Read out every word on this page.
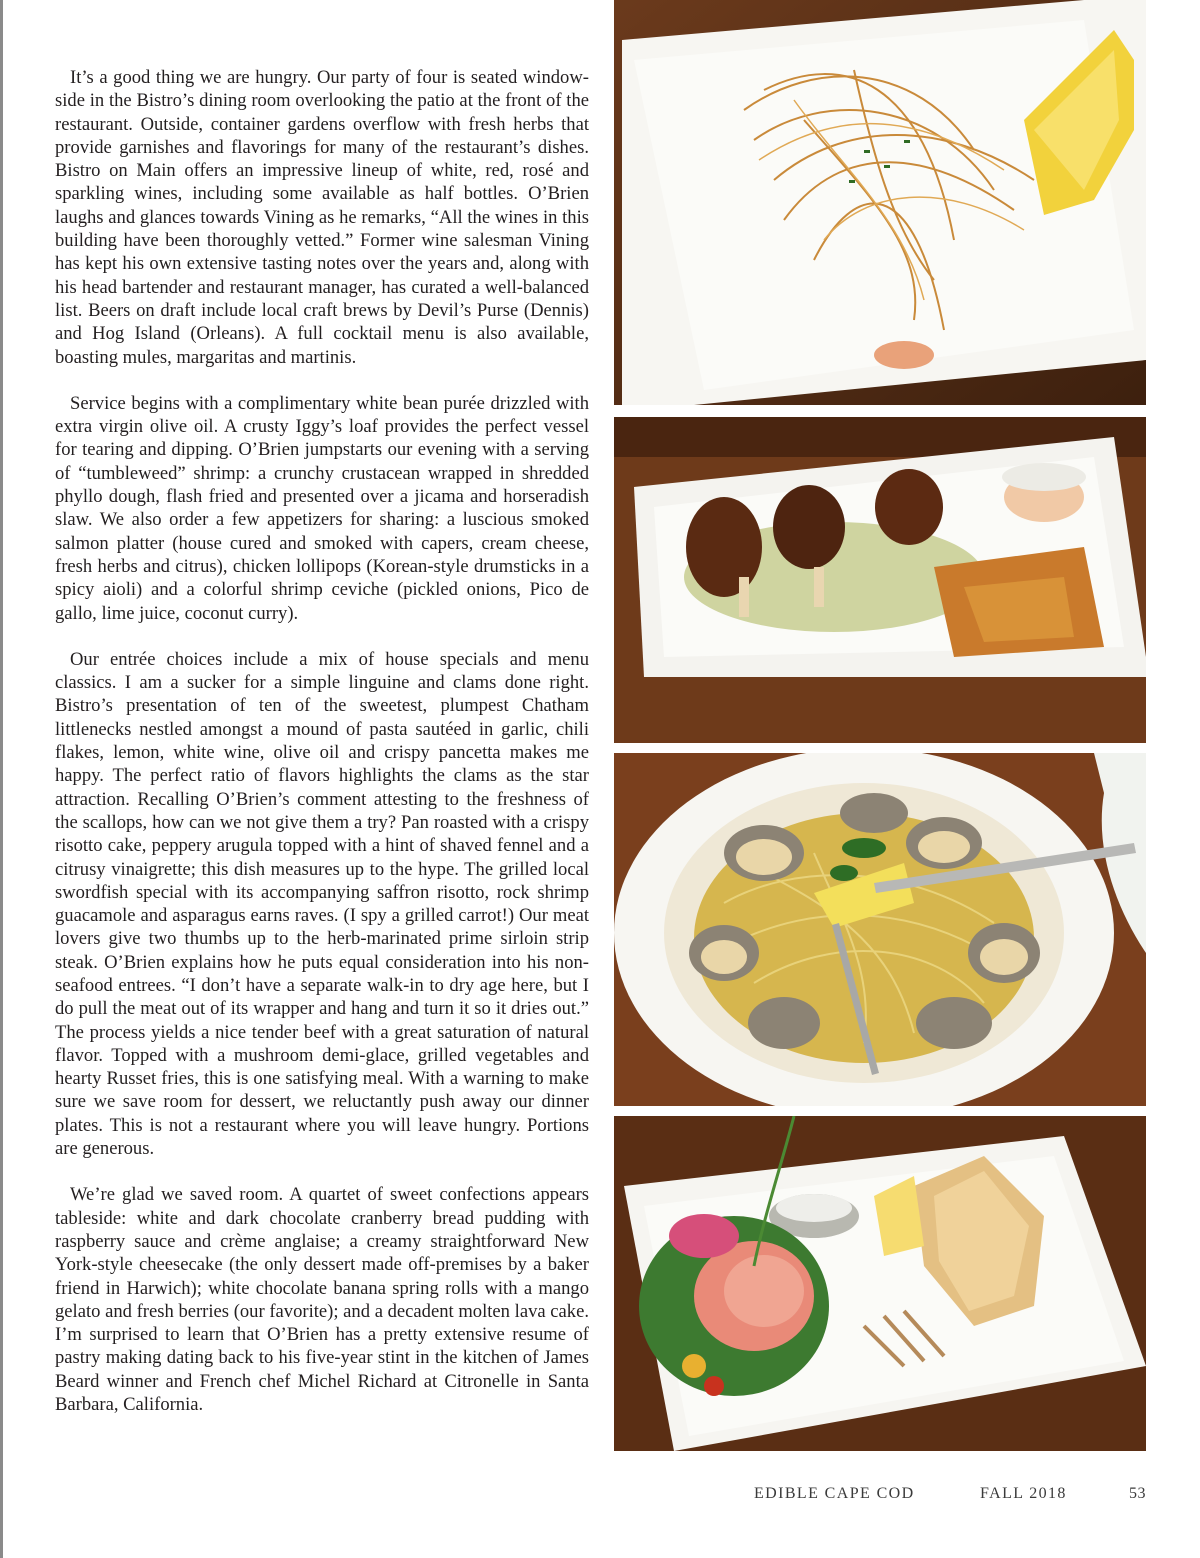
It’s a good thing we are hungry. Our party of four is seated windowside in the Bistro’s dining room overlooking the patio at the front of the restaurant. Outside, container gardens overflow with fresh herbs that provide garnishes and flavorings for many of the restaurant’s dishes. Bistro on Main offers an impressive lineup of white, red, rosé and sparkling wines, including some available as half bottles. O’Brien laughs and glances towards Vining as he remarks, “All the wines in this building have been thoroughly vetted.” Former wine salesman Vining has kept his own extensive tasting notes over the years and, along with his head bartender and restaurant manager, has curated a well-balanced list. Beers on draft include local craft brews by Devil’s Purse (Dennis) and Hog Island (Orleans). A full cocktail menu is also available, boasting mules, margaritas and martinis.

Service begins with a complimentary white bean purée drizzled with extra virgin olive oil. A crusty Iggy’s loaf provides the perfect vessel for tearing and dipping. O’Brien jumpstarts our evening with a serving of “tumbleweed” shrimp: a crunchy crustacean wrapped in shredded phyllo dough, flash fried and presented over a jicama and horseradish slaw. We also order a few appetizers for sharing: a luscious smoked salmon platter (house cured and smoked with capers, cream cheese, fresh herbs and citrus), chicken lollipops (Korean-style drumsticks in a spicy aioli) and a colorful shrimp ceviche (pickled onions, Pico de gallo, lime juice, coconut curry).

Our entrée choices include a mix of house specials and menu classics. I am a sucker for a simple linguine and clams done right. Bistro’s presentation of ten of the sweetest, plumpest Chatham littlenecks nestled amongst a mound of pasta sautéed in garlic, chili flakes, lemon, white wine, olive oil and crispy pancetta makes me happy. The perfect ratio of flavors highlights the clams as the star attraction. Recalling O’Brien’s comment attesting to the freshness of the scallops, how can we not give them a try? Pan roasted with a crispy risotto cake, peppery arugula topped with a hint of shaved fennel and a citrusy vinaigrette; this dish measures up to the hype. The grilled local swordfish special with its accompanying saffron risotto, rock shrimp guacamole and asparagus earns raves. (I spy a grilled carrot!) Our meat lovers give two thumbs up to the herb-marinated prime sirloin strip steak. O’Brien explains how he puts equal consideration into his non-seafood entrees. “I don’t have a separate walk-in to dry age here, but I do pull the meat out of its wrapper and hang and turn it so it dries out.” The process yields a nice tender beef with a great saturation of natural flavor. Topped with a mushroom demi-glace, grilled vegetables and hearty Russet fries, this is one satisfying meal. With a warning to make sure we save room for dessert, we reluctantly push away our dinner plates. This is not a restaurant where you will leave hungry. Portions are generous.

We’re glad we saved room. A quartet of sweet confections appears tableside: white and dark chocolate cranberry bread pudding with raspberry sauce and crème anglaise; a creamy straightforward New York-style cheesecake (the only dessert made off-premises by a baker friend in Harwich); white chocolate banana spring rolls with a mango gelato and fresh berries (our favorite); and a decadent molten lava cake. I’m surprised to learn that O’Brien has a pretty extensive resume of pastry making dating back to his five-year stint in the kitchen of James Beard winner and French chef Michel Richard at Citronelle in Santa Barbara, California.

EDIBLE CAPE COD	FALL 2018	53
